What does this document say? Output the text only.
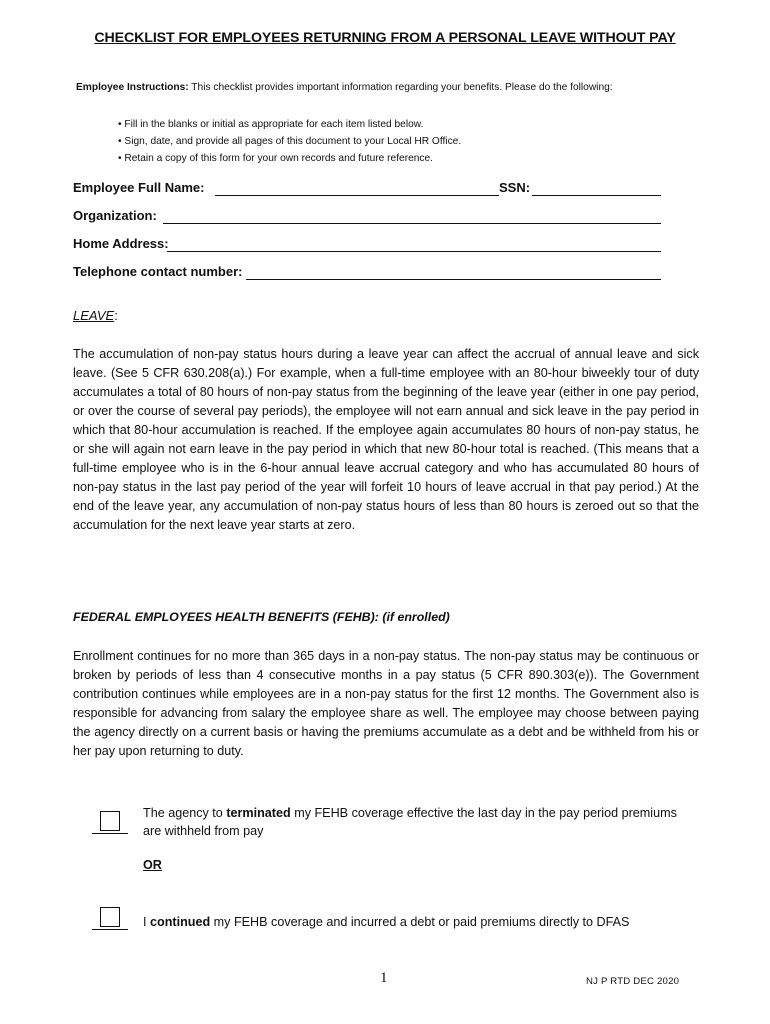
CHECKLIST FOR EMPLOYEES RETURNING FROM A PERSONAL LEAVE WITHOUT PAY
Employee Instructions: This checklist provides important information regarding your benefits. Please do the following:
• Fill in the blanks or initial as appropriate for each item listed below.
• Sign, date, and provide all pages of this document to your Local HR Office.
• Retain a copy of this form for your own records and future reference.
Employee Full Name:	SSN:
Organization:
Home Address:
Telephone contact number:
LEAVE:
The accumulation of non-pay status hours during a leave year can affect the accrual of annual leave and sick leave. (See 5 CFR 630.208(a).) For example, when a full-time employee with an 80-hour biweekly tour of duty accumulates a total of 80 hours of non-pay status from the beginning of the leave year (either in one pay period, or over the course of several pay periods), the employee will not earn annual and sick leave in the pay period in which that 80-hour accumulation is reached. If the employee again accumulates 80 hours of non-pay status, he or she will again not earn leave in the pay period in which that new 80-hour total is reached. (This means that a full-time employee who is in the 6-hour annual leave accrual category and who has accumulated 80 hours of non-pay status in the last pay period of the year will forfeit 10 hours of leave accrual in that pay period.) At the end of the leave year, any accumulation of non-pay status hours of less than 80 hours is zeroed out so that the accumulation for the next leave year starts at zero.
FEDERAL EMPLOYEES HEALTH BENEFITS (FEHB): (if enrolled)
Enrollment continues for no more than 365 days in a non-pay status. The non-pay status may be continuous or broken by periods of less than 4 consecutive months in a pay status (5 CFR 890.303(e)). The Government contribution continues while employees are in a non-pay status for the first 12 months. The Government also is responsible for advancing from salary the employee share as well. The employee may choose between paying the agency directly on a current basis or having the premiums accumulate as a debt and be withheld from his or her pay upon returning to duty.
The agency to terminated my FEHB coverage effective the last day in the pay period premiums
are withheld from pay
OR
I continued my FEHB coverage and incurred a debt or paid premiums directly to DFAS
1	NJ P RTD DEC 2020
